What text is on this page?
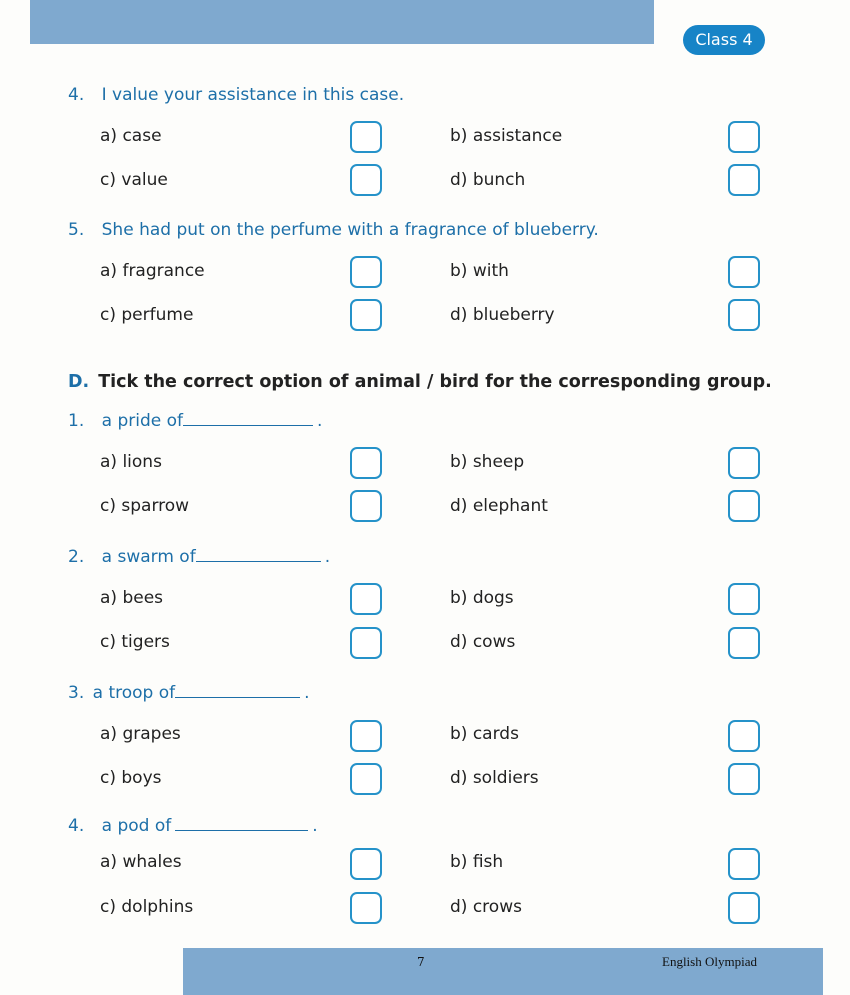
Class 4
4. I value your assistance in this case.
a) case	b) assistance
c) value	d) bunch
5. She had put on the perfume with a fragrance of blueberry.
a) fragrance	b) with
c) perfume	d) blueberry
D. Tick the correct option of animal / bird for the corresponding group.
1. a pride of	.
a) lions	b) sheep
c) sparrow	d) elephant
2. a swarm of	.
a) bees	b) dogs
c) tigers	d) cows
3. a troop of	.
a) grapes	b) cards
c) boys	d) soldiers
4. a pod of	.
a) whales	b) fish
c) dolphins	d) crows
7	English Olympiad
